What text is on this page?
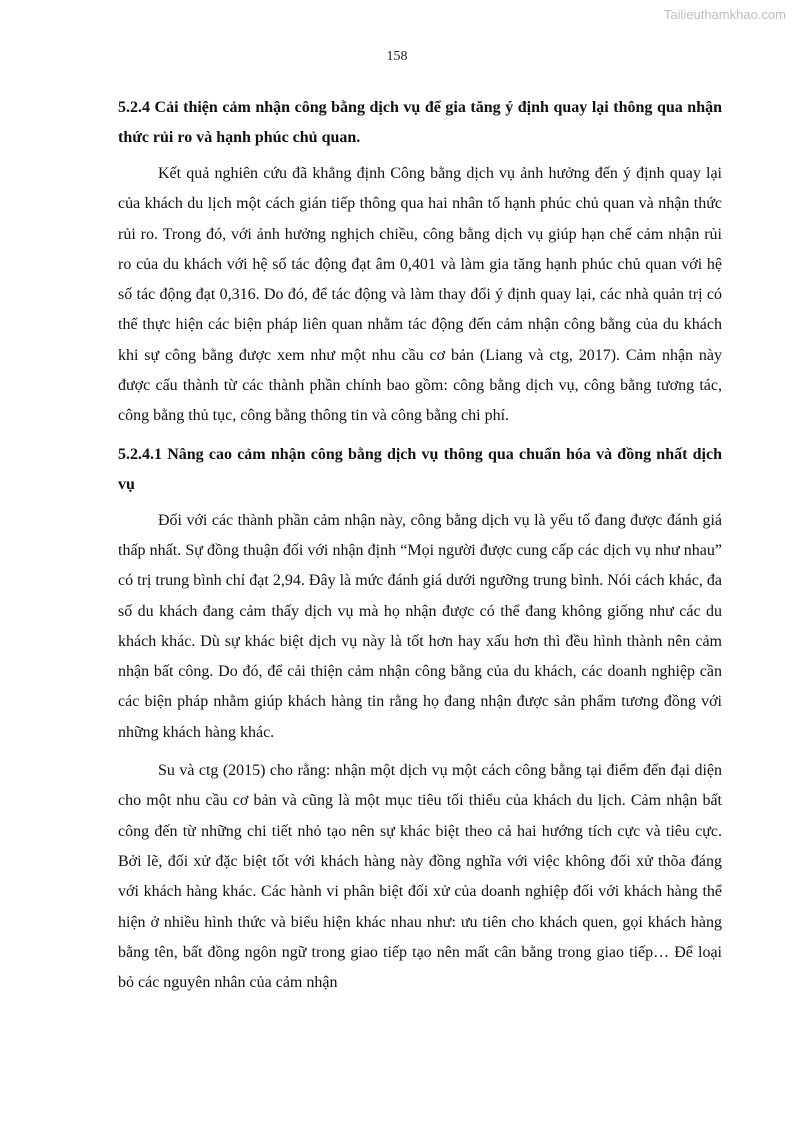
Tailieuthamkhao.com
158
5.2.4 Cải thiện cảm nhận công bằng dịch vụ để gia tăng ý định quay lại thông qua nhận thức rủi ro và hạnh phúc chủ quan.

Kết quả nghiên cứu đã khẳng định Công bằng dịch vụ ảnh hưởng đến ý định quay lại của khách du lịch một cách gián tiếp thông qua hai nhân tố hạnh phúc chủ quan và nhận thức rủi ro. Trong đó, với ảnh hưởng nghịch chiều, công bằng dịch vụ giúp hạn chế cảm nhận rủi ro của du khách với hệ số tác động đạt âm 0,401 và làm gia tăng hạnh phúc chủ quan với hệ số tác động đạt 0,316. Do đó, để tác động và làm thay đổi ý định quay lại, các nhà quản trị có thể thực hiện các biện pháp liên quan nhằm tác động đến cảm nhận công bằng của du khách khi sự công bằng được xem như một nhu cầu cơ bản (Liang và ctg, 2017). Cảm nhận này được cấu thành từ các thành phần chính bao gồm: công bằng dịch vụ, công bằng tương tác, công bằng thủ tục, công bằng thông tin và công bằng chi phí.

5.2.4.1 Nâng cao cảm nhận công bằng dịch vụ thông qua chuẩn hóa và đồng nhất dịch vụ

Đối với các thành phần cảm nhận này, công bằng dịch vụ là yếu tố đang được đánh giá thấp nhất. Sự đồng thuận đối với nhận định “Mọi người được cung cấp các dịch vụ như nhau” có trị trung bình chỉ đạt 2,94. Đây là mức đánh giá dưới ngưỡng trung bình. Nói cách khác, đa số du khách đang cảm thấy dịch vụ mà họ nhận được có thể đang không giống như các du khách khác. Dù sự khác biệt dịch vụ này là tốt hơn hay xấu hơn thì đều hình thành nên cảm nhận bất công. Do đó, để cải thiện cảm nhận công bằng của du khách, các doanh nghiệp cần các biện pháp nhằm giúp khách hàng tin rằng họ đang nhận được sản phẩm tương đồng với những khách hàng khác.

Su và ctg (2015) cho rằng: nhận một dịch vụ một cách công bằng tại điểm đến đại diện cho một nhu cầu cơ bản và cũng là một mục tiêu tối thiểu của khách du lịch. Cảm nhận bất công đến từ những chi tiết nhỏ tạo nên sự khác biệt theo cả hai hướng tích cực và tiêu cực. Bởi lẽ, đối xử đặc biệt tốt với khách hàng này đồng nghĩa với việc không đối xử thõa đáng với khách hàng khác. Các hành vi phân biệt đối xử của doanh nghiệp đối với khách hàng thể hiện ở nhiều hình thức và biểu hiện khác nhau như: ưu tiên cho khách quen, gọi khách hàng bằng tên, bất đồng ngôn ngữ trong giao tiếp tạo nên mất cân bằng trong giao tiếp… Để loại bỏ các nguyên nhân của cảm nhận
